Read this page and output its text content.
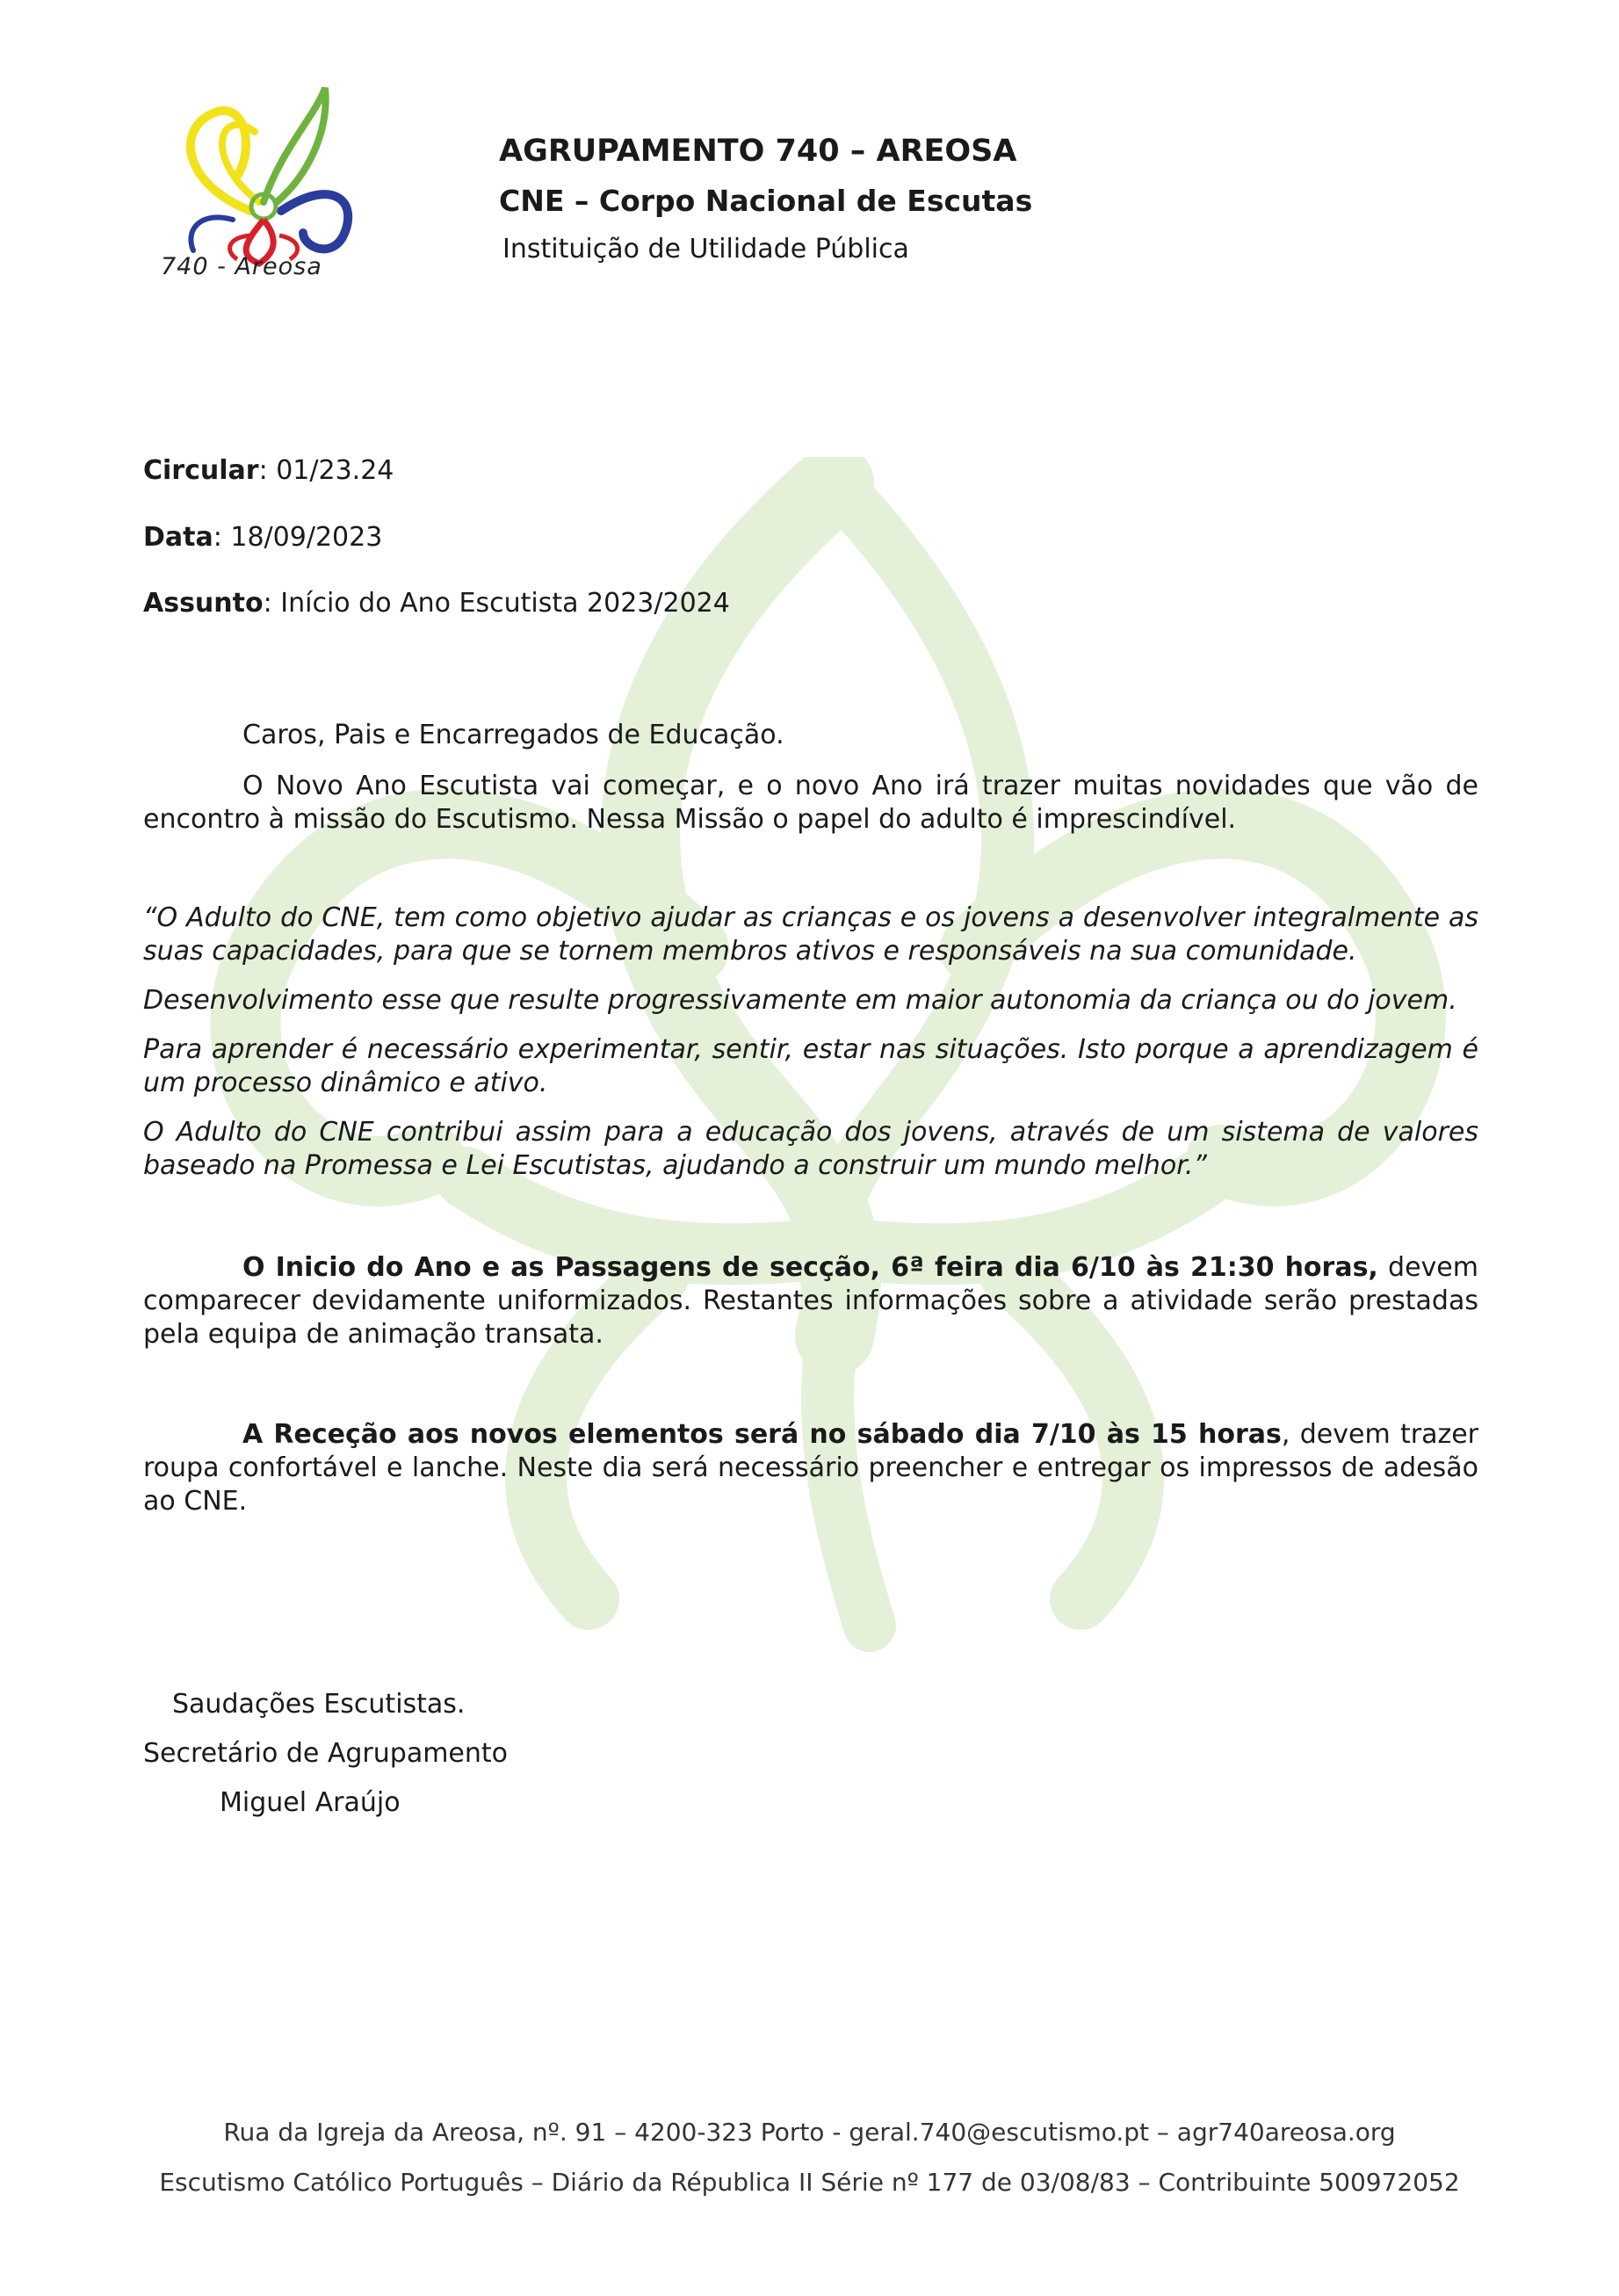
740 - Areosa

AGRUPAMENTO 740 – AREOSA

CNE – Corpo Nacional de Escutas

Instituição de Utilidade Pública

Circular: 01/23.24
Data: 18/09/2023
Assunto: Início do Ano Escutista 2023/2024

Caros, Pais e Encarregados de Educação.

O Novo Ano Escutista vai começar, e o novo Ano irá trazer muitas novidades que vão de encontro à missão do Escutismo. Nessa Missão o papel do adulto é imprescindível.

“O Adulto do CNE, tem como objetivo ajudar as crianças e os jovens a desenvolver integralmente as suas capacidades, para que se tornem membros ativos e responsáveis na sua comunidade.

Desenvolvimento esse que resulte progressivamente em maior autonomia da criança ou do jovem.

Para aprender é necessário experimentar, sentir, estar nas situações. Isto porque a aprendizagem é um processo dinâmico e ativo.

O Adulto do CNE contribui assim para a educação dos jovens, através de um sistema de valores baseado na Promessa e Lei Escutistas, ajudando a construir um mundo melhor.”

O Inicio do Ano e as Passagens de secção, 6ª feira dia 6/10 às 21:30 horas, devem comparecer devidamente uniformizados. Restantes informações sobre a atividade serão prestadas pela equipa de animação transata.

A Receção aos novos elementos será no sábado dia 7/10 às 15 horas, devem trazer roupa confortável e lanche. Neste dia será necessário preencher e entregar os impressos de adesão ao CNE.

Saudações Escutistas.
Secretário de Agrupamento
Miguel Araújo
Rua da Igreja da Areosa, nº. 91 – 4200-323 Porto - geral.740@escutismo.pt – agr740areosa.org
Escutismo Católico Português – Diário da Républica II Série nº 177 de 03/08/83 – Contribuinte 500972052
